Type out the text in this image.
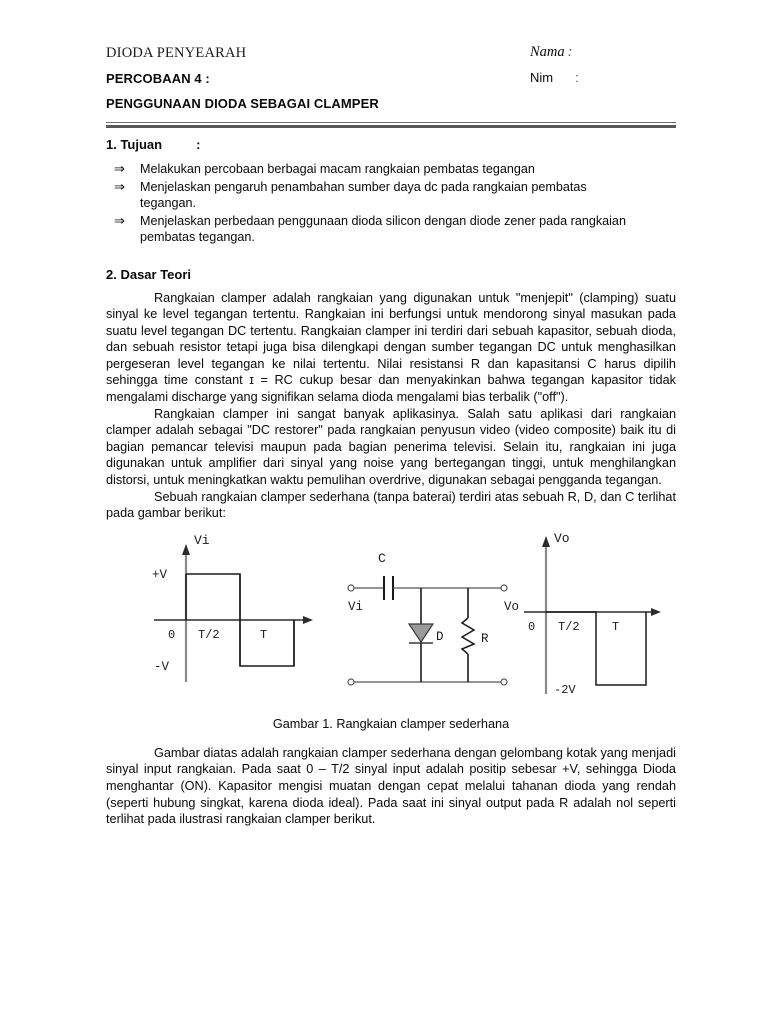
DIODA PENYEARAH	Nama :
PERCOBAAN 4 :	Nim :
PENGGUNAAN DIODA SEBAGAI CLAMPER
1. Tujuan	:
⇒ Melakukan percobaan berbagai macam rangkaian pembatas tegangan
⇒ Menjelaskan pengaruh penambahan sumber daya dc pada rangkaian pembatas tegangan.
⇒ Menjelaskan perbedaan penggunaan dioda silicon dengan diode zener pada rangkaian pembatas tegangan.
2. Dasar Teori

Rangkaian clamper adalah rangkaian yang digunakan untuk "menjepit" (clamping) suatu sinyal ke level tegangan tertentu. Rangkaian ini berfungsi untuk mendorong sinyal masukan pada suatu level tegangan DC tertentu. Rangkaian clamper ini terdiri dari sebuah kapasitor, sebuah dioda, dan sebuah resistor tetapi juga bisa dilengkapi dengan sumber tegangan DC untuk menghasilkan pergeseran level tegangan ke nilai tertentu. Nilai resistansi R dan kapasitansi C harus dipilih sehingga time constant ɪ = RC cukup besar dan menyakinkan bahwa tegangan kapasitor tidak mengalami discharge yang signifikan selama dioda mengalami bias terbalik ("off").

Rangkaian clamper ini sangat banyak aplikasinya. Salah satu aplikasi dari rangkaian clamper adalah sebagai "DC restorer" pada rangkaian penyusun video (video composite) baik itu di bagian pemancar televisi maupun pada bagian penerima televisi. Selain itu, rangkaian ini juga digunakan untuk amplifier dari sinyal yang noise yang bertegangan tinggi, untuk menghilangkan distorsi, untuk meningkatkan waktu pemulihan overdrive, digunakan sebagai pengganda tegangan.

Sebuah rangkaian clamper sederhana (tanpa baterai) terdiri atas sebuah R, D, dan C terlihat pada gambar berikut:

Vi
+V
-V
0 T/2	T
C
Vi	Vo
D	R
Vo
0 T/2	T
-2V
Gambar 1. Rangkaian clamper sederhana

Gambar diatas adalah rangkaian clamper sederhana dengan gelombang kotak yang menjadi sinyal input rangkaian. Pada saat 0 – T/2 sinyal input adalah positip sebesar +V, sehingga Dioda menghantar (ON). Kapasitor mengisi muatan dengan cepat melalui tahanan dioda yang rendah (seperti hubung singkat, karena dioda ideal). Pada saat ini sinyal output pada R adalah nol seperti terlihat pada ilustrasi rangkaian clamper berikut.
